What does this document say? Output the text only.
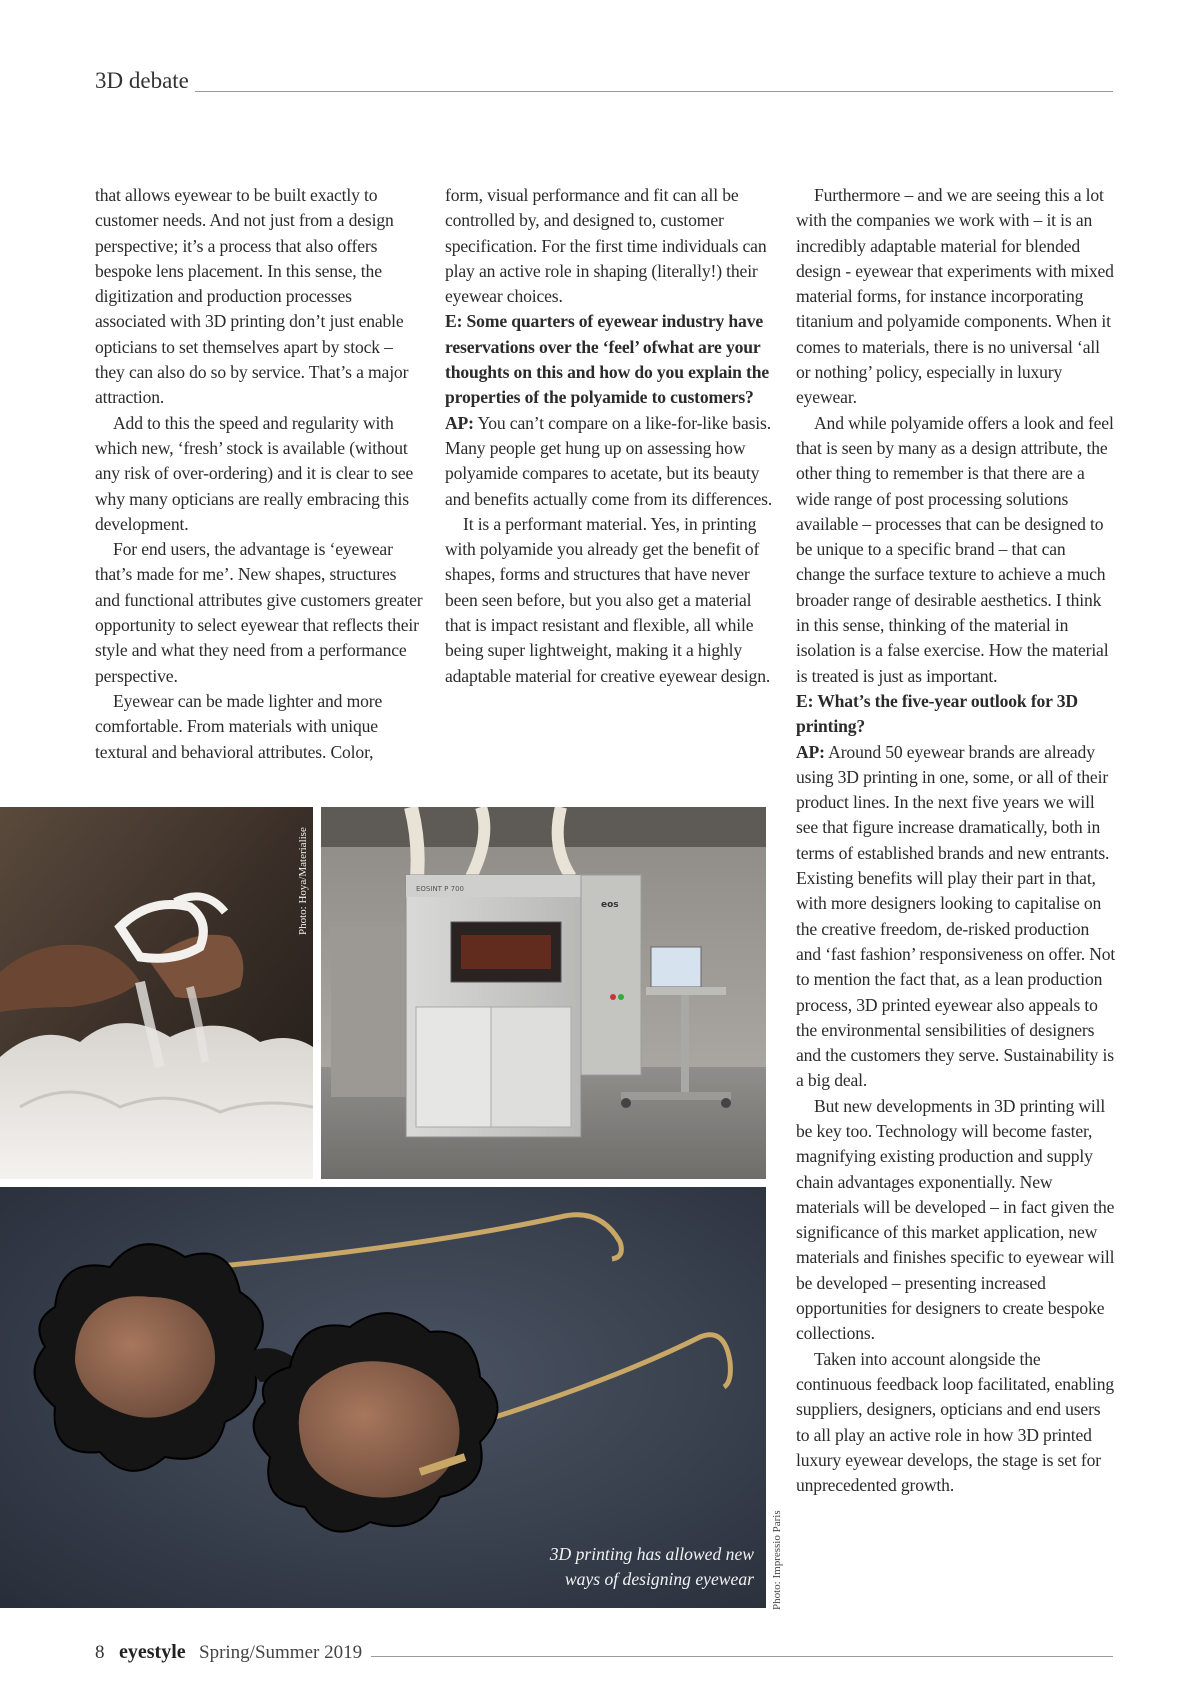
3D debate

that allows eyewear to be built exactly to customer needs. And not just from a design perspective; it’s a process that also offers bespoke lens placement. In this sense, the digitization and production processes associated with 3D printing don’t just enable opticians to set themselves apart by stock – they can also do so by service. That’s a major attraction.

Add to this the speed and regularity with which new, ‘fresh’ stock is available (without any risk of over-ordering) and it is clear to see why many opticians are really embracing this development.

For end users, the advantage is ‘eyewear that’s made for me’. New shapes, structures and functional attributes give customers greater opportunity to select eyewear that reflects their style and what they need from a performance perspective.

Eyewear can be made lighter and more comfortable. From materials with unique textural and behavioral attributes. Color,

form, visual performance and fit can all be controlled by, and designed to, customer specification. For the first time individuals can play an active role in shaping (literally!) their eyewear choices.

E: Some quarters of eyewear industry have reservations over the ‘feel’ ofwhat are your thoughts on this and how do you explain the properties of the polyamide to customers?

AP: You can’t compare on a like-for-like basis. Many people get hung up on assessing how polyamide compares to acetate, but its beauty and benefits actually come from its differences.

It is a performant material. Yes, in printing with polyamide you already get the benefit of shapes, forms and structures that have never been seen before, but you also get a material that is impact resistant and flexible, all while being super lightweight, making it a highly adaptable material for creative eyewear design.

Furthermore – and we are seeing this a lot with the companies we work with – it is an incredibly adaptable material for blended design - eyewear that experiments with mixed material forms, for instance incorporating titanium and polyamide components. When it comes to materials, there is no universal ‘all or nothing’ policy, especially in luxury eyewear.

And while polyamide offers a look and feel that is seen by many as a design attribute, the other thing to remember is that there are a wide range of post processing solutions available – processes that can be designed to be unique to a specific brand – that can change the surface texture to achieve a much broader range of desirable aesthetics. I think in this sense, thinking of the material in isolation is a false exercise. How the material is treated is just as important.

E: What’s the five-year outlook for 3D printing?

AP: Around 50 eyewear brands are already using 3D printing in one, some, or all of their product lines. In the next five years we will see that figure increase dramatically, both in terms of established brands and new entrants. Existing benefits will play their part in that, with more designers looking to capitalise on the creative freedom, de-risked production and ‘fast fashion’ responsiveness on offer. Not to mention the fact that, as a lean production process, 3D printed eyewear also appeals to the environmental sensibilities of designers and the customers they serve. Sustainability is a big deal.

But new developments in 3D printing will be key too. Technology will become faster, magnifying existing production and supply chain advantages exponentially. New materials will be developed – in fact given the significance of this market application, new materials and finishes specific to eyewear will be developed – presenting increased opportunities for designers to create bespoke collections.

Taken into account alongside the continuous feedback loop facilitated, enabling suppliers, designers, opticians and end users to all play an active role in how 3D printed luxury eyewear develops, the stage is set for unprecedented growth.

Photo: Hoya/Materialise	EOSINT P 700
eos
3D printing has allowed new
ways of designing eyewear Photo: Impressio Paris
8 eyestyle Spring/Summer 2019
